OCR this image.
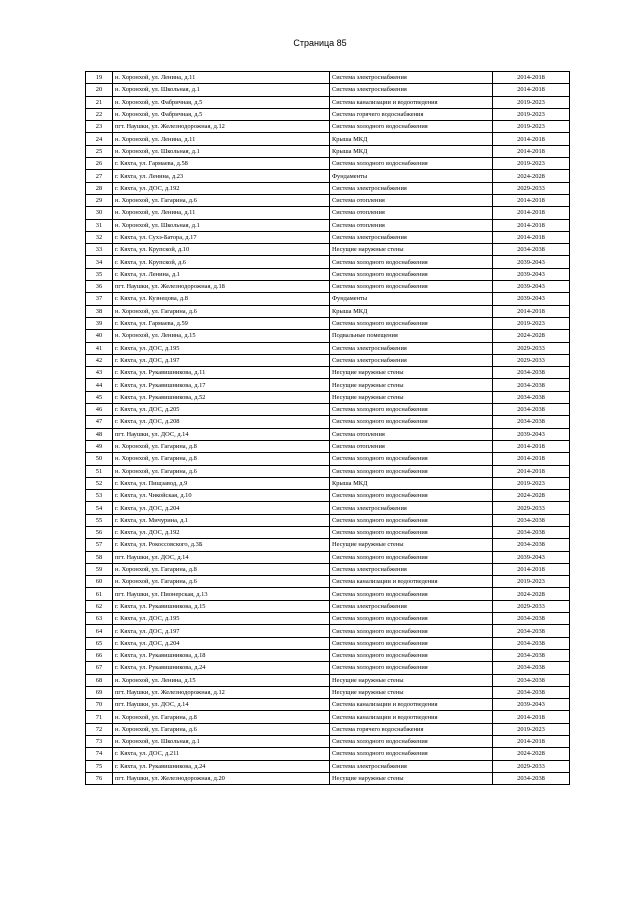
Страница 85
19	н. Хоронхой, ул. Ленина, д.11	Система электроснабжения	2014-2018
20	н. Хоронхой, ул. Школьная, д.1	Система электроснабжения	2014-2018
21	н. Хоронхой, ул. Фабричная, д.5	Система канализации и водоотведения	2019-2023
22	н. Хоронхой, ул. Фабричная, д.5	Система горячего водоснабжения	2019-2023
23	пгт. Наушки, ул. Железнодорожная, д.12	Система холодного водоснабжения	2019-2023
24	н. Хоронхой, ул. Ленина, д.11	Крыша МКД	2014-2018
25	н. Хоронхой, ул. Школьная, д.1	Крыша МКД	2014-2018
26	г. Кяхта, ул. Гармаева, д.58	Система холодного водоснабжения	2019-2023
27	г. Кяхта, ул. Ленина, д.23	Фундаменты	2024-2028
28	г. Кяхта, ул. ДОС, д.192	Система электроснабжения	2029-2033
29	н. Хоронхой, ул. Гагарина, д.6	Система отопления	2014-2018
30	н. Хоронхой, ул. Ленина, д.11	Система отопления	2014-2018
31	н. Хоронхой, ул. Школьная, д.1	Система отопления	2014-2018
32	г. Кяхта, ул. Сухэ-Батора, д.17	Система электроснабжения	2014-2018
33	г. Кяхта, ул. Крупской, д.10	Несущие наружные стены	2034-2038
34	г. Кяхта, ул. Крупской, д.6	Система холодного водоснабжения	2039-2043
35	г. Кяхта, ул. Ленина, д.1	Система холодного водоснабжения	2039-2043
36	пгт. Наушки, ул. Железнодорожная, д.18	Система холодного водоснабжения	2039-2043
37	г. Кяхта, ул. Кузнецова, д.8	Фундаменты	2039-2043
38	н. Хоронхой, ул. Гагарина, д.6	Крыша МКД	2014-2018
39	г. Кяхта, ул. Гармаева, д.59	Система холодного водоснабжения	2019-2023
40	н. Хоронхой, ул. Ленина, д.15	Подвальные помещения	2024-2028
41	г. Кяхта, ул. ДОС, д.195	Система электроснабжения	2029-2033
42	г. Кяхта, ул. ДОС, д.197	Система электроснабжения	2029-2033
43	г. Кяхта, ул. Рукавишникова, д.11	Несущие наружные стены	2034-2038
44	г. Кяхта, ул. Рукавишникова, д.17	Несущие наружные стены	2034-2038
45	г. Кяхта, ул. Рукавишникова, д.52	Несущие наружные стены	2034-2038
46	г. Кяхта, ул. ДОС, д.205	Система холодного водоснабжения	2034-2038
47	г. Кяхта, ул. ДОС, д.208	Система холодного водоснабжения	2034-2038
48	пгт. Наушки, ул. ДОС, д.14	Система отопления	2039-2043
49	н. Хоронхой, ул. Гагарина, д.8	Система отопления	2014-2018
50	н. Хоронхой, ул. Гагарина, д.8	Система холодного водоснабжения	2014-2018
51	н. Хоронхой, ул. Гагарина, д.6	Система холодного водоснабжения	2014-2018
52	г. Кяхта, ул. Пищзавод, д.9	Крыша МКД	2019-2023
53	г. Кяхта, ул. Чикойская, д.10	Система холодного водоснабжения	2024-2028
54	г. Кяхта, ул. ДОС, д.204	Система электроснабжения	2029-2033
55	г. Кяхта, ул. Мичурина, д.1	Система холодного водоснабжения	2034-2038
56	г. Кяхта, ул. ДОС, д.192	Система холодного водоснабжения	2034-2038
57	г. Кяхта, ул. Рокоссовского, д.3Б	Несущие наружные стены	2034-2038
58	пгт. Наушки, ул. ДОС, д.14	Система холодного водоснабжения	2039-2043
59	н. Хоронхой, ул. Гагарина, д.8	Система электроснабжения	2014-2018
60	н. Хоронхой, ул. Гагарина, д.6	Система канализации и водоотведения	2019-2023
61	пгт. Наушки, ул. Пионерская, д.13	Система холодного водоснабжения	2024-2028
62	г. Кяхта, ул. Рукавишникова, д.15	Система электроснабжения	2029-2033
63	г. Кяхта, ул. ДОС, д.195	Система холодного водоснабжения	2034-2038
64	г. Кяхта, ул. ДОС, д.197	Система холодного водоснабжения	2034-2038
65	г. Кяхта, ул. ДОС, д.204	Система холодного водоснабжения	2034-2038
66	г. Кяхта, ул. Рукавишникова, д.18	Система холодного водоснабжения	2034-2038
67	г. Кяхта, ул. Рукавишникова, д.24	Система холодного водоснабжения	2034-2038
68	н. Хоронхой, ул. Ленина, д.15	Несущие наружные стены	2034-2038
69	пгт. Наушки, ул. Железнодорожная, д.12	Несущие наружные стены	2034-2038
70	пгт. Наушки, ул. ДОС, д.14	Система канализации и водоотведения	2039-2043
71	н. Хоронхой, ул. Гагарина, д.8	Система канализации и водоотведения	2014-2018
72	н. Хоронхой, ул. Гагарина, д.6	Система горячего водоснабжения	2019-2023
73	н. Хоронхой, ул. Школьная, д.1	Система холодного водоснабжения	2014-2018
74	г. Кяхта, ул. ДОС, д.211	Система холодного водоснабжения	2024-2028
75	г. Кяхта, ул. Рукавишникова, д.24	Система электроснабжения	2029-2033
76	пгт. Наушки, ул. Железнодорожная, д.20	Несущие наружные стены	2034-2038
